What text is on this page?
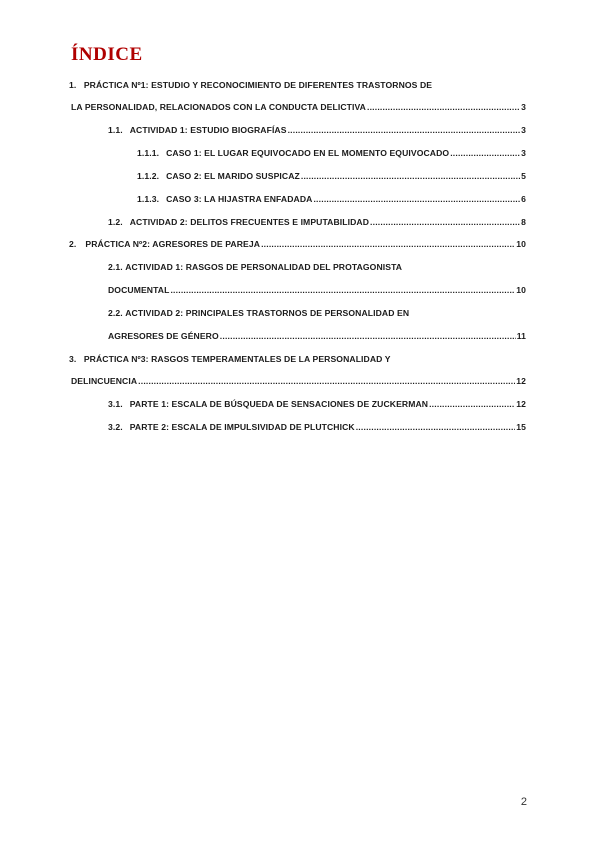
ÍNDICE
1. PRÁCTICA Nº1: ESTUDIO Y RECONOCIMIENTO DE DIFERENTES TRASTORNOS DE
LA PERSONALIDAD, RELACIONADOS CON LA CONDUCTA DELICTIVA .....	3
1.1. ACTIVIDAD 1: ESTUDIO BIOGRAFÍAS .....	3
1.1.1. CASO 1: EL LUGAR EQUIVOCADO EN EL MOMENTO EQUIVOCADO .....	3
1.1.2. CASO 2: EL MARIDO SUSPICAZ .....	5
1.1.3. CASO 3: LA HIJASTRA ENFADADA .....	6
1.2. ACTIVIDAD 2: DELITOS FRECUENTES E IMPUTABILIDAD .....	8
2. PRÁCTICA Nº2: AGRESORES DE PAREJA .....	10
2.1. ACTIVIDAD 1: RASGOS DE PERSONALIDAD DEL PROTAGONISTA
DOCUMENTAL .....	10
2.2. ACTIVIDAD 2: PRINCIPALES TRASTORNOS DE PERSONALIDAD EN
AGRESORES DE GÉNERO .....	11
3. PRÁCTICA Nº3: RASGOS TEMPERAMENTALES DE LA PERSONALIDAD Y
DELINCUENCIA .....	12
3.1. PARTE 1: ESCALA DE BÚSQUEDA DE SENSACIONES DE ZUCKERMAN .....	12
3.2. PARTE 2: ESCALA DE IMPULSIVIDAD DE PLUTCHICK .....	15
2
